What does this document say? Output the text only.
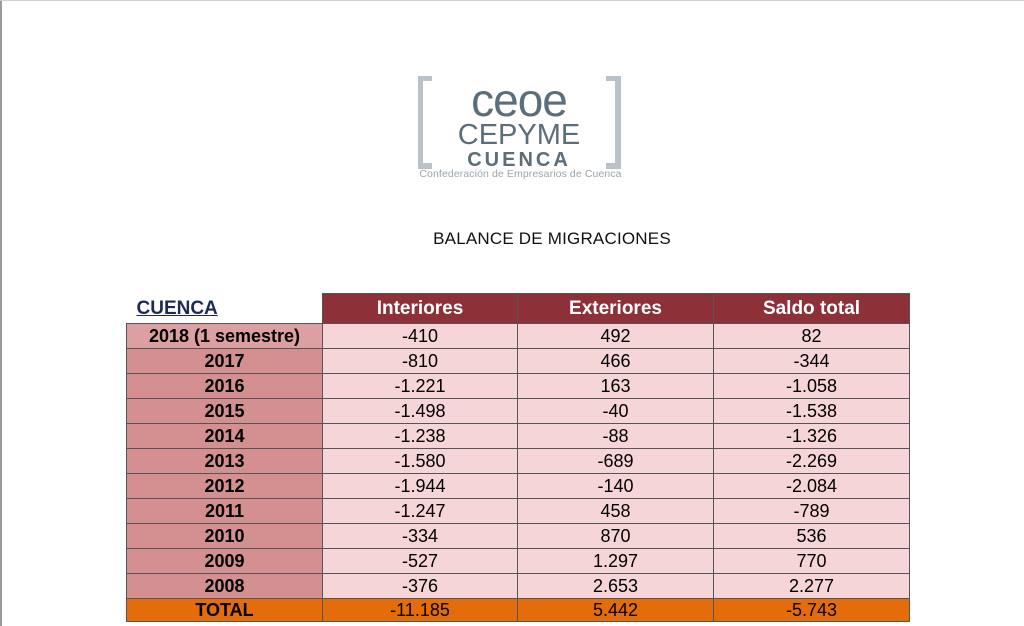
ceoe
CEPYME
CUENCA
Confederación de Empresarios de Cuenca
BALANCE DE MIGRACIONES
CUENCA	Interiores	Exteriores	Saldo total
2018 (1 semestre)	-410	492	82
2017	-810	466	-344
2016	-1.221	163	-1.058
2015	-1.498	-40	-1.538
2014	-1.238	-88	-1.326
2013	-1.580	-689	-2.269
2012	-1.944	-140	-2.084
2011	-1.247	458	-789
2010	-334	870	536
2009	-527	1.297	770
2008	-376	2.653	2.277
TOTAL	-11.185	5.442	-5.743
